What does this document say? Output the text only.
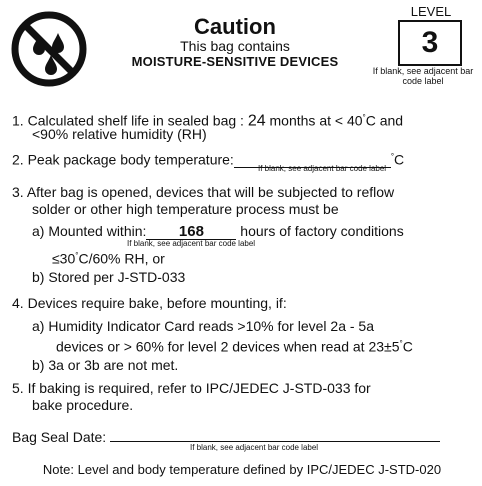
Caution
This bag contains
MOISTURE-SENSITIVE DEVICES
LEVEL
3
If blank, see adjacent bar code label
1. Calculated shelf life in sealed bag : 24 months at < 40°C and
<90% relative humidity (RH)
2. Peak package body temperature:	°C
If blank, see adjacent bar code label
3. After bag is opened, devices that will be subjected to reflow
solder or other high temperature process must be
a) Mounted within: 168	hours of factory conditions
If blank, see adjacent bar code label
≤30°C/60% RH, or
b) Stored per J-STD-033
4. Devices require bake, before mounting, if:
a) Humidity Indicator Card reads >10% for level 2a - 5a
devices or > 60% for level 2 devices when read at 23±5°C
b) 3a or 3b are not met.
5. If baking is required, refer to IPC/JEDEC J-STD-033 for
bake procedure.
Bag Seal Date:
If blank, see adjacent bar code label
Note: Level and body temperature defined by IPC/JEDEC J-STD-020
